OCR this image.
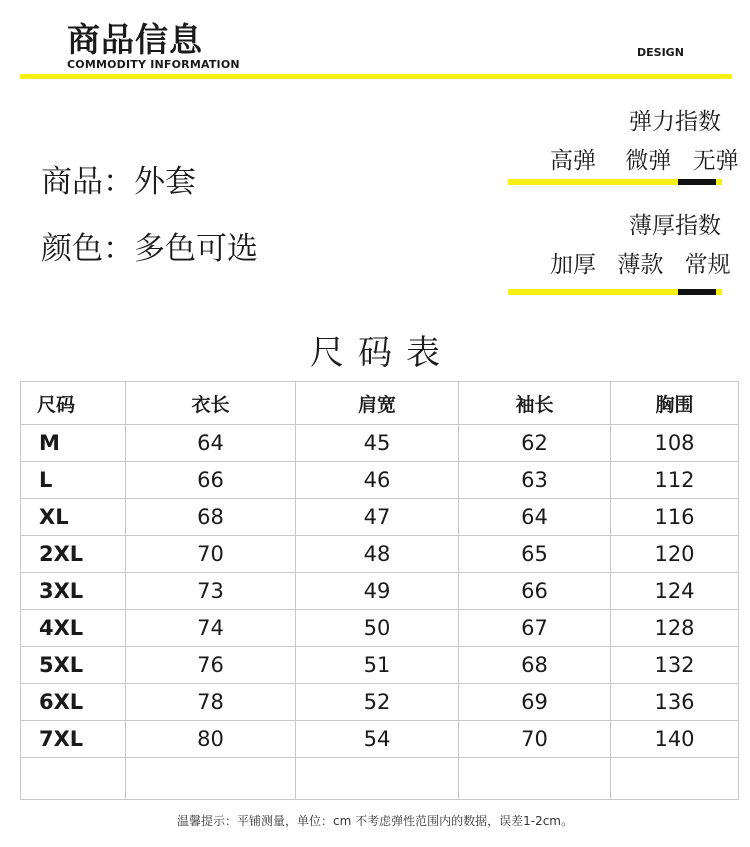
商品信息
COMMODITY INFORMATION
DESIGN
商品：外套
颜色：多色可选
弹力指数
高弹 微弹 无弹
薄厚指数
加厚 薄款 常规
尺码表
尺码	衣长	肩宽	袖长	胸围
M	64	45	62	108
L	66	46	63	112
XL	68	47	64	116
2XL	70	48	65	120
3XL	73	49	66	124
4XL	74	50	67	128
5XL	76	51	68	132
6XL	78	52	69	136
7XL	80	54	70	140

温馨提示：平铺测量，单位：cm 不考虑弹性范围内的数据，误差1-2cm。
